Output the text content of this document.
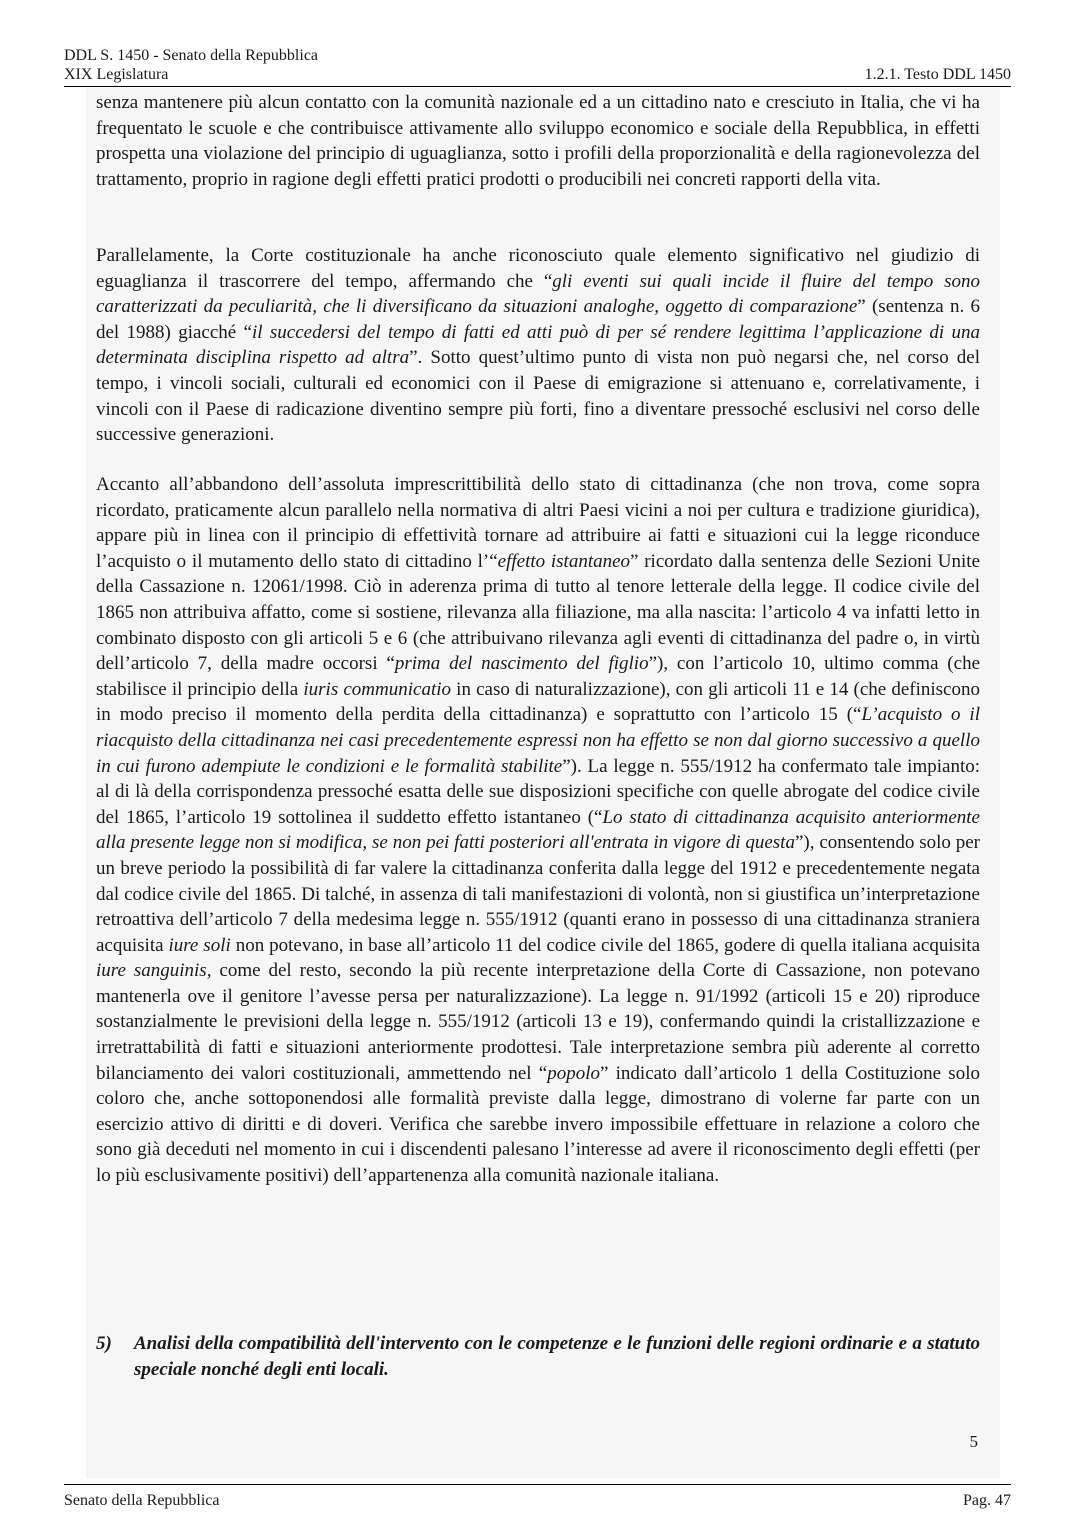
DDL S. 1450 - Senato della Repubblica
XIX Legislatura	1.2.1. Testo DDL 1450

senza mantenere più alcun contatto con la comunità nazionale ed a un cittadino nato e cresciuto in Italia, che vi ha frequentato le scuole e che contribuisce attivamente allo sviluppo economico e sociale della Repubblica, in effetti prospetta una violazione del principio di uguaglianza, sotto i profili della proporzionalità e della ragionevolezza del trattamento, proprio in ragione degli effetti pratici prodotti o producibili nei concreti rapporti della vita.

Parallelamente, la Corte costituzionale ha anche riconosciuto quale elemento significativo nel giudizio di eguaglianza il trascorrere del tempo, affermando che “gli eventi sui quali incide il fluire del tempo sono caratterizzati da peculiarità, che li diversificano da situazioni analoghe, oggetto di comparazione” (sentenza n. 6 del 1988) giacché “il succedersi del tempo di fatti ed atti può di per sé rendere legittima l’applicazione di una determinata disciplina rispetto ad altra”. Sotto quest’ultimo punto di vista non può negarsi che, nel corso del tempo, i vincoli sociali, culturali ed economici con il Paese di emigrazione si attenuano e, correlativamente, i vincoli con il Paese di radicazione diventino sempre più forti, fino a diventare pressoché esclusivi nel corso delle successive generazioni.

Accanto all’abbandono dell’assoluta imprescrittibilità dello stato di cittadinanza (che non trova, come sopra ricordato, praticamente alcun parallelo nella normativa di altri Paesi vicini a noi per cultura e tradizione giuridica), appare più in linea con il principio di effettività tornare ad attribuire ai fatti e situazioni cui la legge riconduce l’acquisto o il mutamento dello stato di cittadino l’“effetto istantaneo” ricordato dalla sentenza delle Sezioni Unite della Cassazione n. 12061/1998. Ciò in aderenza prima di tutto al tenore letterale della legge. Il codice civile del 1865 non attribuiva affatto, come si sostiene, rilevanza alla filiazione, ma alla nascita: l’articolo 4 va infatti letto in combinato disposto con gli articoli 5 e 6 (che attribuivano rilevanza agli eventi di cittadinanza del padre o, in virtù dell’articolo 7, della madre occorsi “prima del nascimento del figlio”), con l’articolo 10, ultimo comma (che stabilisce il principio della iuris communicatio in caso di naturalizzazione), con gli articoli 11 e 14 (che definiscono in modo preciso il momento della perdita della cittadinanza) e soprattutto con l’articolo 15 (“L’acquisto o il riacquisto della cittadinanza nei casi precedentemente espressi non ha effetto se non dal giorno successivo a quello in cui furono adempiute le condizioni e le formalità stabilite”). La legge n. 555/1912 ha confermato tale impianto: al di là della corrispondenza pressoché esatta delle sue disposizioni specifiche con quelle abrogate del codice civile del 1865, l’articolo 19 sottolinea il suddetto effetto istantaneo (“Lo stato di cittadinanza acquisito anteriormente alla presente legge non si modifica, se non pei fatti posteriori all'entrata in vigore di questa”), consentendo solo per un breve periodo la possibilità di far valere la cittadinanza conferita dalla legge del 1912 e precedentemente negata dal codice civile del 1865. Di talché, in assenza di tali manifestazioni di volontà, non si giustifica un’interpretazione retroattiva dell’articolo 7 della medesima legge n. 555/1912 (quanti erano in possesso di una cittadinanza straniera acquisita iure soli non potevano, in base all’articolo 11 del codice civile del 1865, godere di quella italiana acquisita iure sanguinis, come del resto, secondo la più recente interpretazione della Corte di Cassazione, non potevano mantenerla ove il genitore l’avesse persa per naturalizzazione). La legge n. 91/1992 (articoli 15 e 20) riproduce sostanzialmente le previsioni della legge n. 555/1912 (articoli 13 e 19), confermando quindi la cristallizzazione e irretrattabilità di fatti e situazioni anteriormente prodottesi. Tale interpretazione sembra più aderente al corretto bilanciamento dei valori costituzionali, ammettendo nel “popolo” indicato dall’articolo 1 della Costituzione solo coloro che, anche sottoponendosi alle formalità previste dalla legge, dimostrano di volerne far parte con un esercizio attivo di diritti e di doveri. Verifica che sarebbe invero impossibile effettuare in relazione a coloro che sono già deceduti nel momento in cui i discendenti palesano l’interesse ad avere il riconoscimento degli effetti (per lo più esclusivamente positivi) dell’appartenenza alla comunità nazionale italiana.

5)	Analisi della compatibilità dell'intervento con le competenze e le funzioni delle regioni ordinarie e a statuto speciale nonché degli enti locali.
5
Senato della Repubblica	Pag. 47
